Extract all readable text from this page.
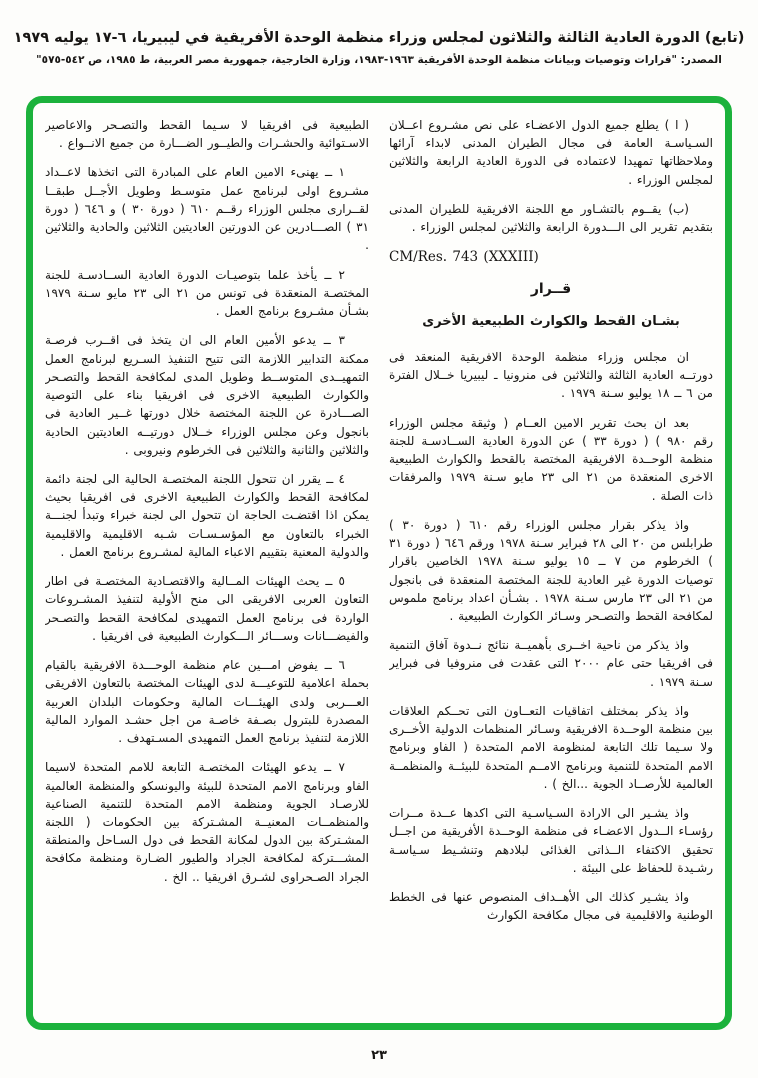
(تابع) الدورة العادية الثالثة والثلاثون لمجلس وزراء منظمة الوحدة الأفريقية في ليبيريا، ٦-١٧ يوليه ١٩٧٩
المصدر: "قرارات وتوصيات وبيانات منظمة الوحدة الأفريقية ١٩٦٣-١٩٨٣، وزارة الخارجية، جمهورية مصر العربية، ط ١٩٨٥، ص ٥٤٢-٥٧٥"

( ا ) يطلع جميع الدول الاعضـاء على نص مشـروع اعــلان السـياسـة العامة فى مجال الطيران المدنى لابداء آرائها وملاحظاتها تمهيدا لاعتماده فى الدورة العادية الرابعة والثلاثين لمجلس الوزراء .

(ب) يقــوم بالتشـاور مع اللجنة الافريقية للطيران المدنى بتقديم تقرير الى الـــدورة الرابعة والثلاثين لمجلس الوزراء .

CM/Res. 743 (XXXIII)

قــرار

بشـان القحط والكوارث الطبيعية الأخرى

ان مجلس وزراء منظمة الوحدة الافريقية المنعقد فى دورتــه العادية الثالثة والثلاثين فى منرونيا ـ ليبيريا خــلال الفترة من ٦ ــ ١٨ يوليو سـنة ١٩٧٩ .

بعد ان بحث تقرير الامين العــام ( وثيقة مجلس الوزراء رقم ٩٨٠ ) ( دورة ٣٣ ) عن الدورة العادية الســادسـة للجنة منظمة الوحــدة الافريقية المختصة بالقحط والكوارث الطبيعية الاخرى المنعقدة من ٢١ الى ٢٣ مايو سـنة ١٩٧٩ والمرفقات ذات الصلة .

واذ يذكر بقرار مجلس الوزراء رقم ٦١٠ ( دورة ٣٠ ) طرابلس من ٢٠ الى ٢٨ فبراير سـنة ١٩٧٨ ورقم ٦٤٦ ( دورة ٣١ ) الخرطوم من ٧ ــ ١٥ يوليو سـنة ١٩٧٨ الخاصين باقرار توصيات الدورة غير العادية للجنة المختصة المنعقدة فى بانجول من ٢١ الى ٢٣ مارس سـنة ١٩٧٨ . بشـأن اعداد برنامج ملموس لمكافحة القحط والتصـحر وسـائر الكوارث الطبيعية .

واذ يذكر من ناحية اخــرى بأهميــة نتائج نــدوة آفاق التنمية فى افريقيا حتى عام ٢٠٠٠ التى عقدت فى منروفيا فى فبراير سـنة ١٩٧٩ .

واذ يذكر بمختلف اتفاقيات التعــاون التى تحــكم العلاقات بين منظمة الوحــدة الافريقية وسـائر المنظمات الدولية الأخــرى ولا سـيما تلك التابعة لمنظومة الامم المتحدة ( الفاو وبرنامج الامم المتحدة للتنمية وبرنامج الامــم المتحدة للبيئــة والمنظمــة العالمية للأرصــاد الجوية ...الخ ) .

واذ يشـير الى الارادة السـياسـية التى اكدها عــدة مــرات رؤسـاء الــدول الاعضـاء فى منظمة الوحــدة الأفريقية من اجــل تحقيق الاكتفاء الــذاتى الغذائى لبلادهم وتنشـيط سـياسـة رشـيدة للحفاظ على البيئة .

واذ يشـير كذلك الى الأهــداف المنصوص عنها فى الخطط الوطنية والاقليمية فى مجال مكافحة الكوارث

الطبيعية فى افريقيا لا سـيما القحط والتصـحر والاعاصير الاسـتوائية والحشـرات والطيــور الضـــارة من جميع الانــواع .

١ ــ يهنىء الامين العام على المبادرة التى اتخذها لاعــداد مشـروع اولى لبرنامج عمل متوسـط وطويل الأجــل طبقــا لقــرارى مجلس الوزراء رقــم ٦١٠ ( دورة ٣٠ ) و ٦٤٦ ( دورة ٣١ ) الصـــادرين عن الدورتين العاديتين الثلاثين والحادية والثلاثين .

٢ ــ يأخذ علما بتوصيـات الدورة العادية الســادسـة للجنة المختصـة المنعقدة فى تونس من ٢١ الى ٢٣ مايو سـنة ١٩٧٩ بشـأن مشـروع برنامج العمل .

٣ ــ يدعو الأمين العام الى ان يتخذ فى اقــرب فرصـة ممكنة التدابير اللازمة التى تتيح التنفيذ السـريع لبرنامج العمل التمهيــدى المتوســط وطويل المدى لمكافحة القحط والتصـحر والكوارث الطبيعية الاخرى فى افريقيا بناء على التوصية الصـــادرة عن اللجنة المختصة خلال دورتها غــير العادية فى بانجول وعن مجلس الوزراء خــلال دورتيــه العاديتين الحادية والثلاثين والثانية والثلاثين فى الخرطوم ونيروبى .

٤ ــ يقرر ان تتحول اللجنة المختصـة الحالية الى لجنة دائمة لمكافحة القحط والكوارث الطبيعية الاخرى فى افريقيا بحيث يمكن اذا اقتضـت الحاجة ان تتحول الى لجنة خبراء وتبدأ لجنـــة الخبراء بالتعاون مع المؤسـسـات شـبه الاقليمية والاقليمية والدولية المعنية بتقييم الاعباء المالية لمشـروع برنامج العمل .

٥ ــ يحث الهيئات المــالية والاقتصـادية المختصـة فى اطار التعاون العربى الافريقى الى منح الأولية لتنفيذ المشـروعات الواردة فى برنامج العمل التمهيدى لمكافحة القحط والتصـحر والفيضـــانات وســـائر الـــكوارث الطبيعية فى افريقيا .

٦ ــ يفوض امـــين عام منظمة الوحـــدة الافريقية بالقيام بحملة اعلامية للتوعيـــة لدى الهيئات المختصة بالتعاون الافريقى العـــربى ولدى الهيئـــات المالية وحكومات البلدان العربية المصدرة للبترول بصـفة خاصـة من اجل حشـد الموارد المالية اللازمة لتنفيذ برنامج العمل التمهيدى المسـتهدف .

٧ ــ يدعو الهيئات المختصـة التابعة للامم المتحدة لاسيما الفاو وبرنامج الامم المتحدة للبيئة واليونسكو والمنظمة العالمية للارصـاد الجوية ومنظمة الامم المتحدة للتنمية الصناعية والمنظمــات المعنيــة المشـتركة بين الحكومات ( اللجنة المشـتركة بين الدول لمكانة القحط فى دول السـاحل والمنطقة المشـــتركة لمكافحة الجراد والطيور الضـارة ومنظمة مكافحة الجراد الصـحراوى لشـرق افريقيا .. الخ .

٢٣
